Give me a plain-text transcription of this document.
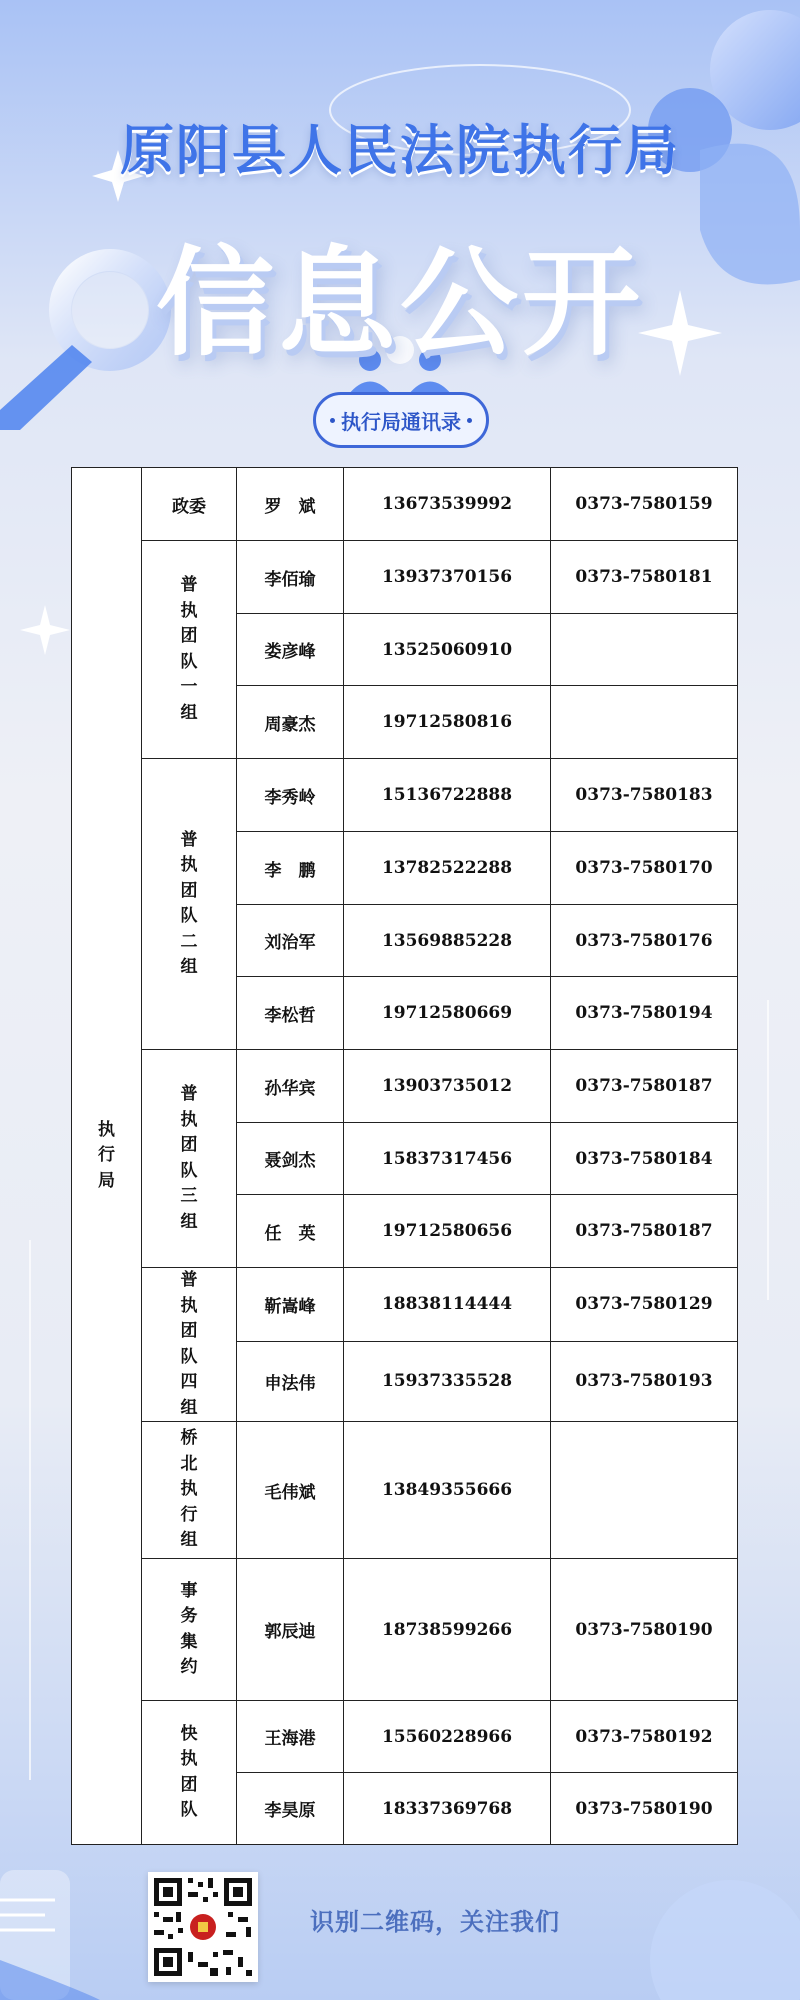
原阳县人民法院执行局
信息公开
执行局通讯录
执行局	政委	罗　斌	13673539992	0373-7580159
	普执团队一组	李佰瑜	13937370156	0373-7580181
		娄彦峰	13525060910	
		周豪杰	19712580816	
	普执团队二组	李秀岭	15136722888	0373-7580183
		李　鹏	13782522288	0373-7580170
		刘治军	13569885228	0373-7580176
		李松哲	19712580669	0373-7580194
	普执团队三组	孙华宾	13903735012	0373-7580187
		聂剑杰	15837317456	0373-7580184
		任　英	19712580656	0373-7580187
	普执团队四组	靳嵩峰	18838114444	0373-7580129
		申法伟	15937335528	0373-7580193
	桥北执行组	毛伟斌	13849355666	
	事务集约	郭辰迪	18738599266	0373-7580190
	快执团队	王海港	15560228966	0373-7580192
		李昊原	18337369768	0373-7580190
识别二维码，关注我们
